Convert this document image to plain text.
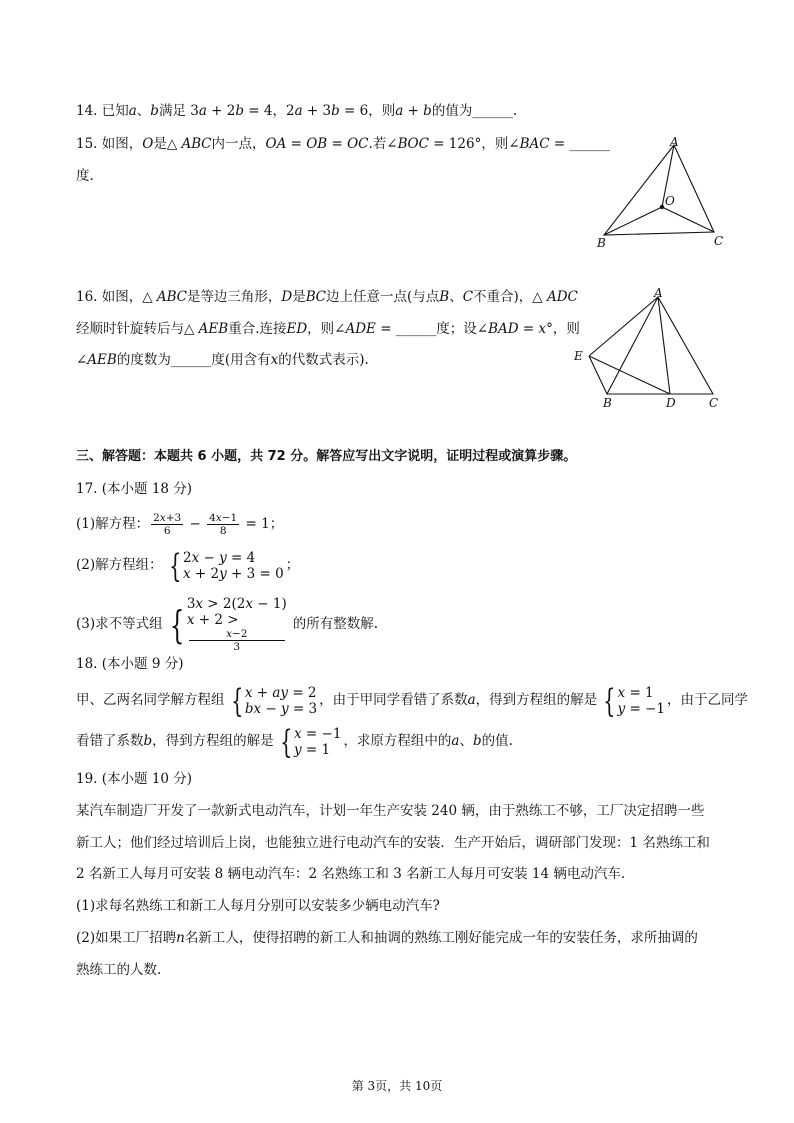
14. 已知𝑎、𝑏满足 3𝑎 + 2𝑏 = 4，2𝑎 + 3𝑏 = 6，则𝑎 + 𝑏的值为______.
15. 如图，𝑂是△ 𝐴𝐵𝐶内一点，𝑂𝐴 = 𝑂𝐵 = 𝑂𝐶.若∠𝐵𝑂𝐶 = 126°，则∠𝐵𝐴𝐶 = ______
度.
A
O
B	C
16. 如图，△ 𝐴𝐵𝐶是等边三角形，𝐷是𝐵𝐶边上任意一点(与点𝐵、𝐶不重合)，△ 𝐴𝐷𝐶
经顺时针旋转后与△ 𝐴𝐸𝐵重合.连接𝐸𝐷，则∠𝐴𝐷𝐸 = ______度；设∠𝐵𝐴𝐷 = 𝑥°，则
∠𝐴𝐸𝐵的度数为______度(用含有𝑥的代数式表示).
A
E
B	D	C
三、解答题：本题共 6 小题，共 72 分。解答应写出文字说明，证明过程或演算步骤。
17. (本小题 18 分)
(1)解方程： $\frac{\text{2𝑥+3}}{6} - \frac{\text{4𝑥−1}}{8} = 1$；
(2)解方程组： { 2𝑥 − 𝑦 = 4
𝑥 + 2𝑦 + 3 = 0
；
(3)求不等式组 { 3𝑥 > 2(2𝑥 − 1)
𝑥 + 2 >
𝑥−2
3
的所有整数解.
18. (本小题 9 分)
甲、乙两名同学解方程组 { 𝑥 + 𝑎𝑦 = 2
𝑏𝑥 − 𝑦 = 3
，由于甲同学看错了系数𝑎，得到方程组的解是 { 𝑥 = 1
𝑦 = −1
，由于乙同学
看错了系数𝑏，得到方程组的解是 { 𝑥 = −1
𝑦 = 1
，求原方程组中的𝑎、𝑏的值.
19. (本小题 10 分)
某汽车制造厂开发了一款新式电动汽车，计划一年生产安装 240 辆，由于熟练工不够，工厂决定招聘一些
新工人；他们经过培训后上岗，也能独立进行电动汽车的安装．生产开始后，调研部门发现：1 名熟练工和
2 名新工人每月可安装 8 辆电动汽车：2 名熟练工和 3 名新工人每月可安装 14 辆电动汽车.
(1)求每名熟练工和新工人每月分别可以安装多少辆电动汽车?
(2)如果工厂招聘𝑛名新工人，使得招聘的新工人和抽调的熟练工刚好能完成一年的安装任务，求所抽调的
熟练工的人数.
第 3页，共 10页
